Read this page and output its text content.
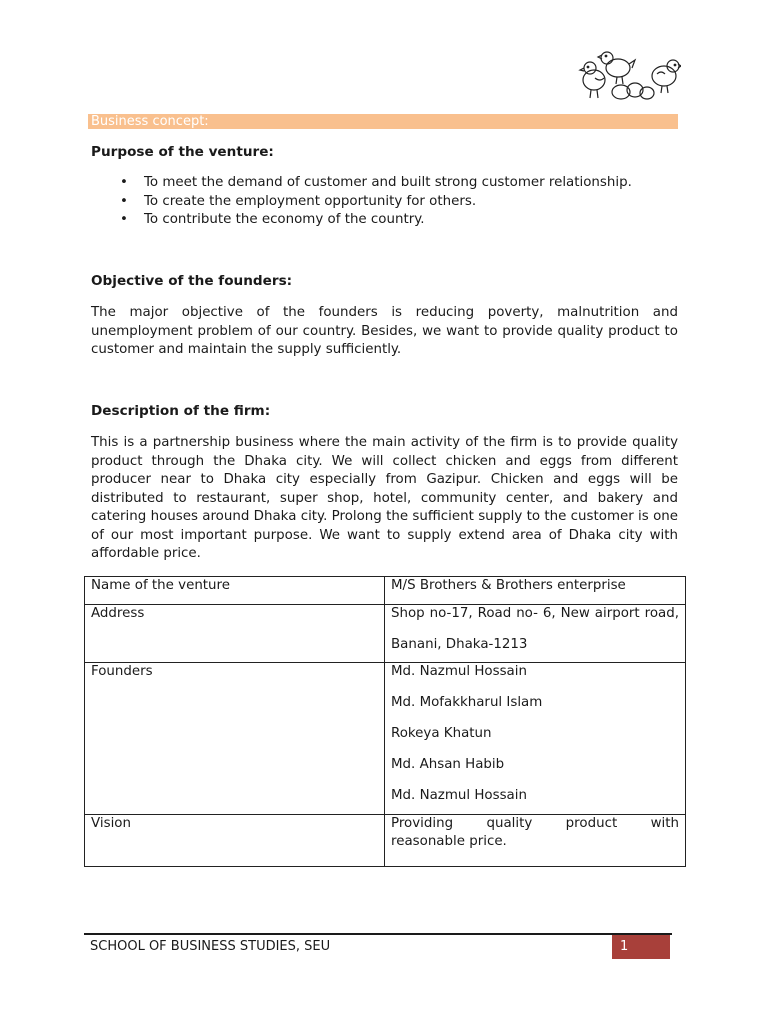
Business concept:
Purpose of the venture:
• To meet the demand of customer and built strong customer relationship.
• To create the employment opportunity for others.
• To contribute the economy of the country.
Objective of the founders:

The major objective of the founders is reducing poverty, malnutrition and unemployment problem of our country. Besides, we want to provide quality product to customer and maintain the supply sufficiently.

Description of the firm:

This is a partnership business where the main activity of the firm is to provide quality product through the Dhaka city. We will collect chicken and eggs from different producer near to Dhaka city especially from Gazipur. Chicken and eggs will be distributed to restaurant, super shop, hotel, community center, and bakery and catering houses around Dhaka city. Prolong the sufficient supply to the customer is one of our most important purpose. We want to supply extend area of Dhaka city with affordable price.

Name of the venture	M/S Brothers & Brothers enterprise
Address	Shop no-17, Road no- 6, New airport road,

Banani, Dhaka-1213

Founders	Md. Nazmul Hossain

Md. Mofakkharul Islam

Rokeya Khatun

Md. Ahsan Habib

Md. Nazmul Hossain

Vision	Providing quality product with
reasonable price.
SCHOOL OF BUSINESS STUDIES, SEU	1
